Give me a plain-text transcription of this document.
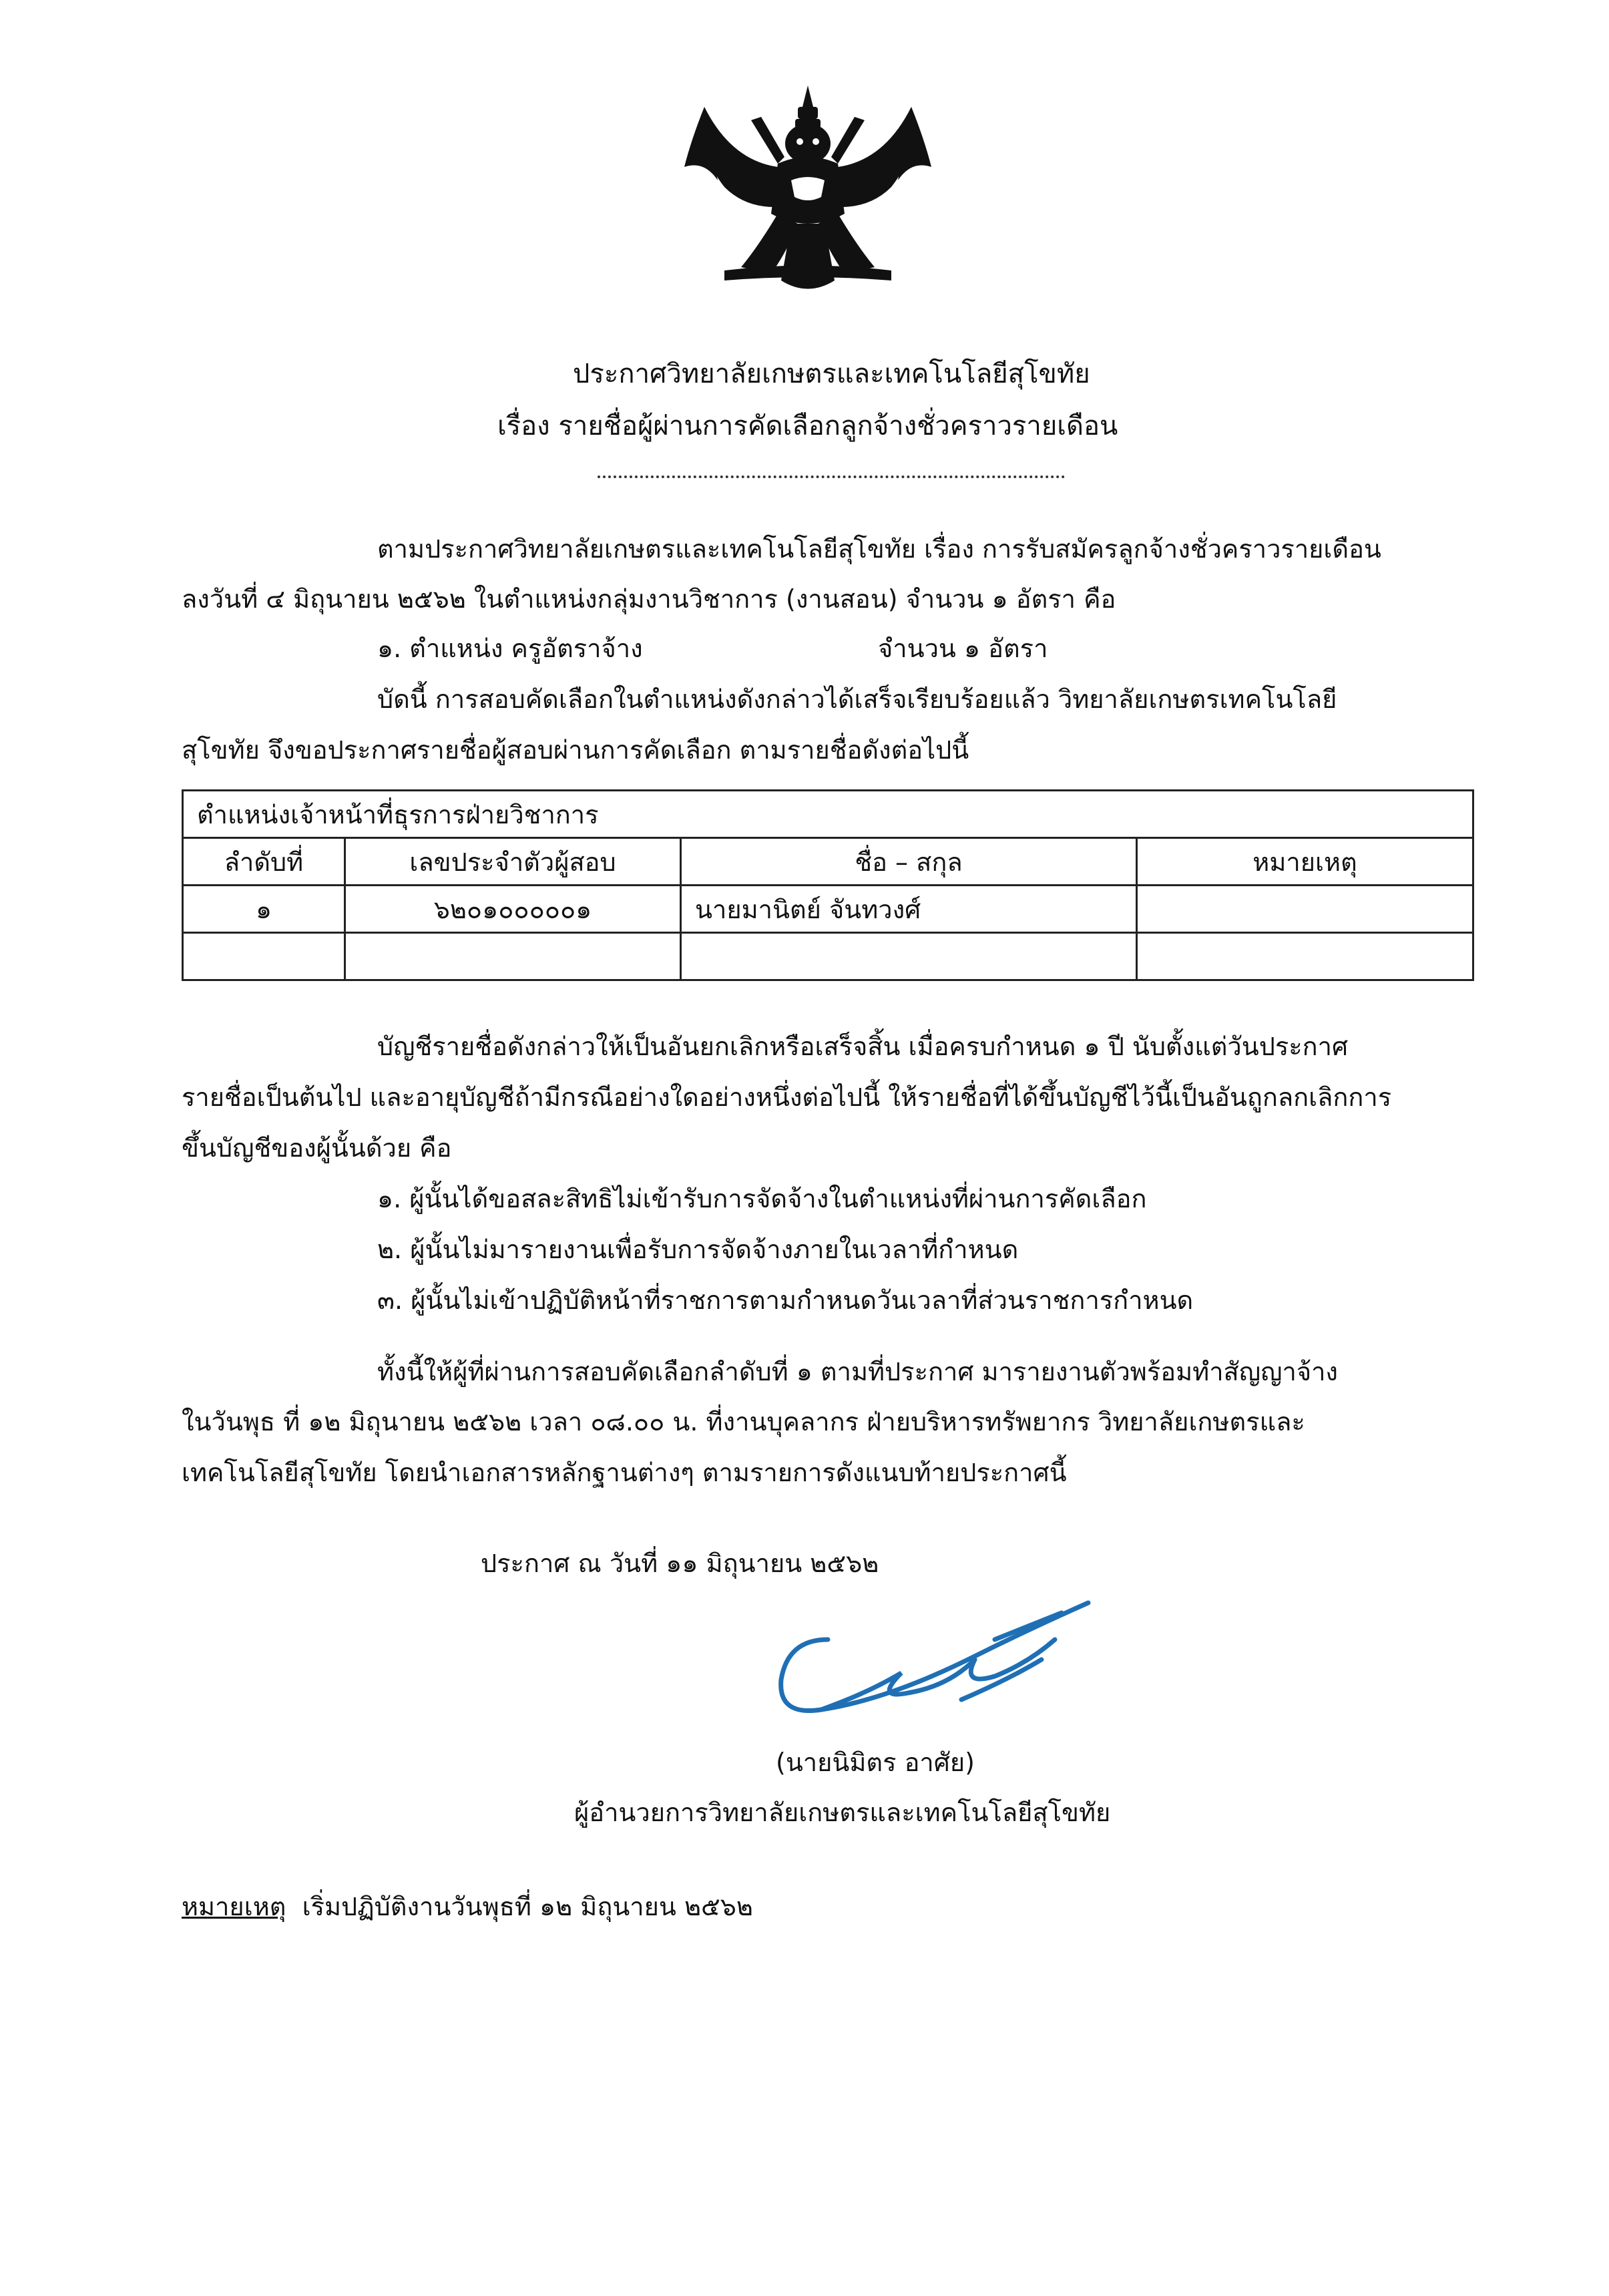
ประกาศวิทยาลัยเกษตรและเทคโนโลยีสุโขทัย
เรื่อง รายชื่อผู้ผ่านการคัดเลือกลูกจ้างชั่วคราวรายเดือน
ตามประกาศวิทยาลัยเกษตรและเทคโนโลยีสุโขทัย เรื่อง การรับสมัครลูกจ้างชั่วคราวรายเดือน
ลงวันที่ ๔ มิถุนายน ๒๕๖๒ ในตำแหน่งกลุ่มงานวิชาการ (งานสอน) จำนวน ๑ อัตรา คือ
๑. ตำแหน่ง ครูอัตราจ้าง	จำนวน ๑ อัตรา
บัดนี้ การสอบคัดเลือกในตำแหน่งดังกล่าวได้เสร็จเรียบร้อยแล้ว วิทยาลัยเกษตรเทคโนโลยี
สุโขทัย จึงขอประกาศรายชื่อผู้สอบผ่านการคัดเลือก ตามรายชื่อดังต่อไปนี้
ตำแหน่งเจ้าหน้าที่ธุรการฝ่ายวิชาการ			
ลำดับที่	เลขประจำตัวผู้สอบ	ชื่อ – สกุล	หมายเหตุ
๑	๖๒๐๑๐๐๐๐๐๑	นายมานิตย์ จันทวงศ์	

บัญชีรายชื่อดังกล่าวให้เป็นอันยกเลิกหรือเสร็จสิ้น เมื่อครบกำหนด ๑ ปี นับตั้งแต่วันประกาศ
รายชื่อเป็นต้นไป และอายุบัญชีถ้ามีกรณีอย่างใดอย่างหนึ่งต่อไปนี้ ให้รายชื่อที่ได้ขึ้นบัญชีไว้นี้เป็นอันถูกลกเลิกการ
ขึ้นบัญชีของผู้นั้นด้วย คือ
๑. ผู้นั้นได้ขอสละสิทธิไม่เข้ารับการจัดจ้างในตำแหน่งที่ผ่านการคัดเลือก
๒. ผู้นั้นไม่มารายงานเพื่อรับการจัดจ้างภายในเวลาที่กำหนด
๓. ผู้นั้นไม่เข้าปฏิบัติหน้าที่ราชการตามกำหนดวันเวลาที่ส่วนราชการกำหนด
ทั้งนี้ให้ผู้ที่ผ่านการสอบคัดเลือกลำดับที่ ๑ ตามที่ประกาศ มารายงานตัวพร้อมทำสัญญาจ้าง
ในวันพุธ ที่ ๑๒ มิถุนายน ๒๕๖๒ เวลา ๐๘.๐๐ น. ที่งานบุคลากร ฝ่ายบริหารทรัพยากร วิทยาลัยเกษตรและ
เทคโนโลยีสุโขทัย โดยนำเอกสารหลักฐานต่างๆ ตามรายการดังแนบท้ายประกาศนี้
ประกาศ ณ วันที่ ๑๑ มิถุนายน ๒๕๖๒
(นายนิมิตร อาศัย)
ผู้อำนวยการวิทยาลัยเกษตรและเทคโนโลยีสุโขทัย
หมายเหตุ เริ่มปฏิบัติงานวันพุธที่ ๑๒ มิถุนายน ๒๕๖๒
